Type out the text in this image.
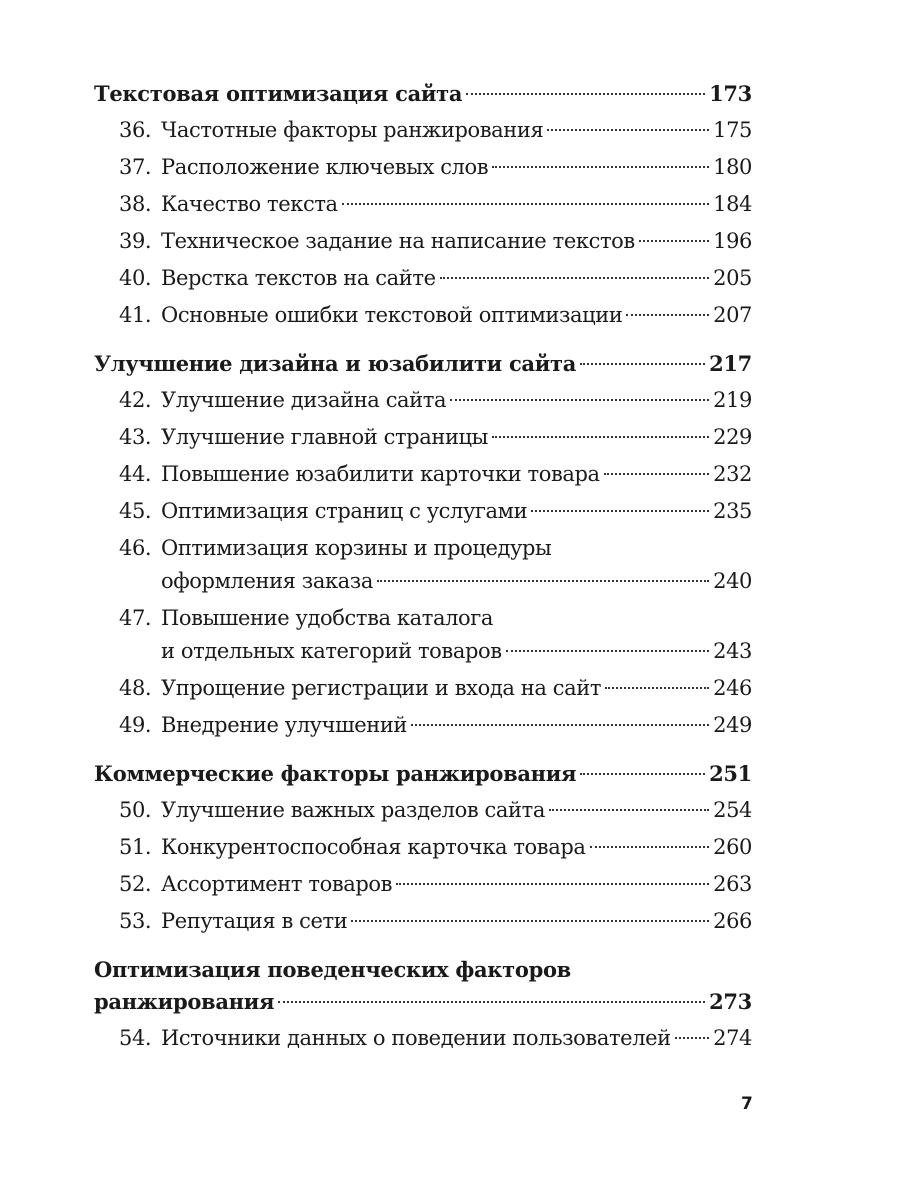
Текстовая оптимизация сайта	173
36. Частотные факторы ранжирования	175
37. Расположение ключевых слов	180
38. Качество текста	184
39. Техническое задание на написание текстов	196
40. Верстка текстов на сайте	205
41. Основные ошибки текстовой оптимизации	207
Улучшение дизайна и юзабилити сайта	217
42. Улучшение дизайна сайта	219
43. Улучшение главной страницы	229
44. Повышение юзабилити карточки товара	232
45. Оптимизация страниц с услугами	235
46. Оптимизация корзины и процедуры
оформления заказа	240
47. Повышение удобства каталога
и отдельных категорий товаров	243
48. Упрощение регистрации и входа на сайт	246
49. Внедрение улучшений	249
Коммерческие факторы ранжирования	251
50. Улучшение важных разделов сайта	254
51. Конкурентоспособная карточка товара	260
52. Ассортимент товаров	263
53. Репутация в сети	266
Оптимизация поведенческих факторов
ранжирования	273
54. Источники данных о поведении пользователей 274
7
